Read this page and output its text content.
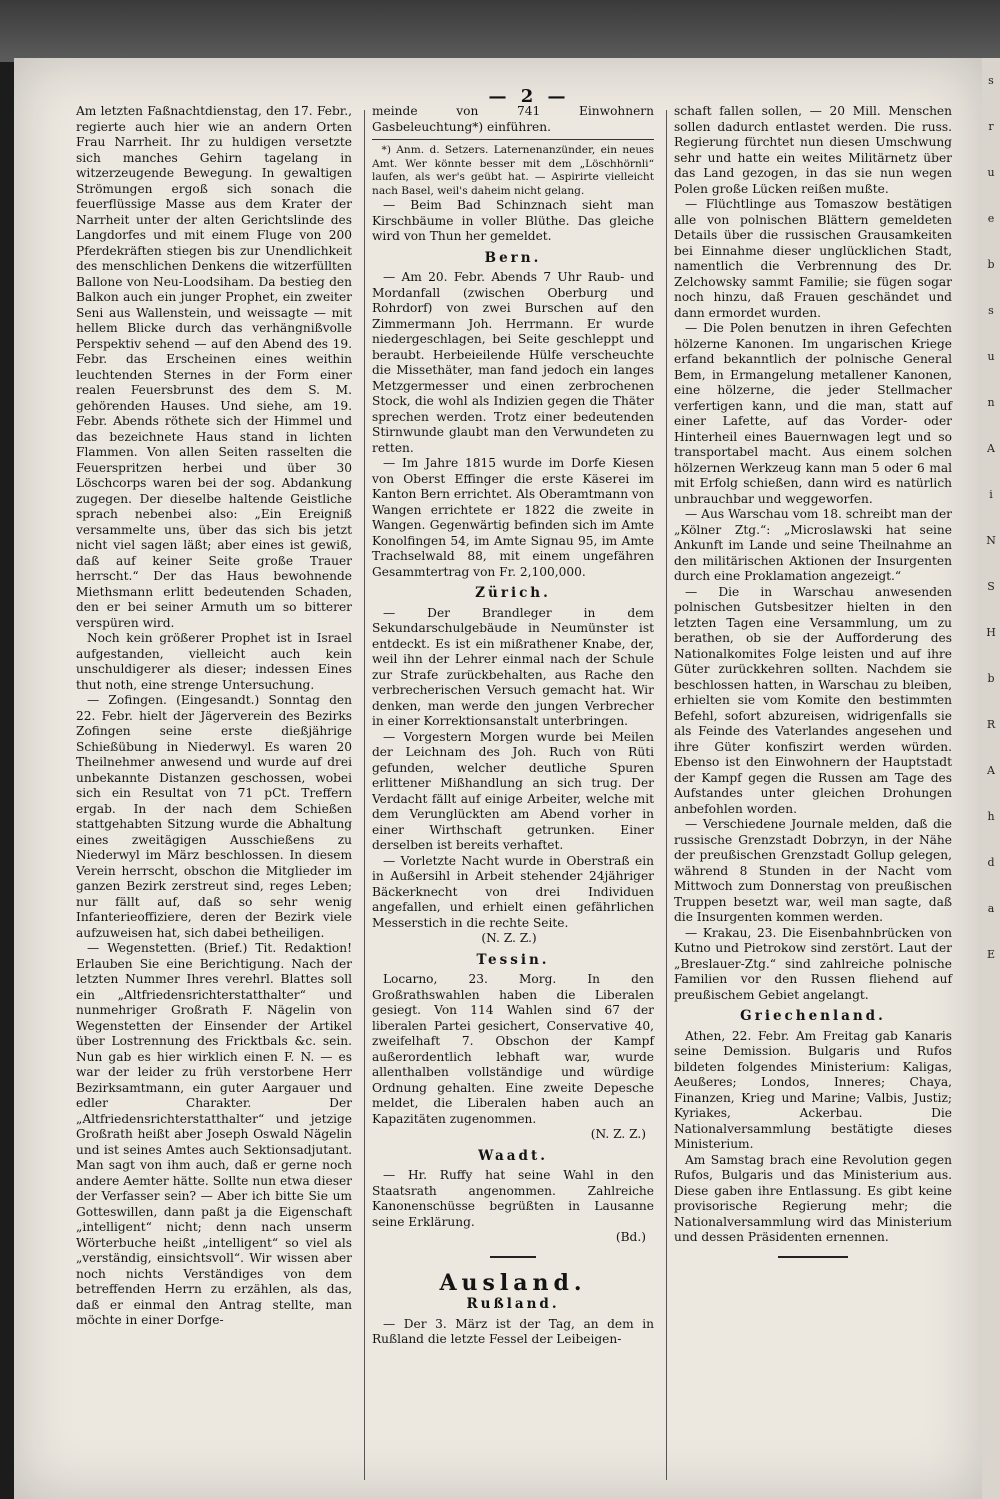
— 2 —

Am letzten Faßnachtdienstag, den 17. Febr., regierte auch hier wie an andern Orten Frau Narrheit. Ihr zu huldigen versetzte sich manches Gehirn tagelang in witzerzeugende Bewegung. In gewaltigen Strömungen ergoß sich sonach die feuerflüssige Masse aus dem Krater der Narrheit unter der alten Gerichtslinde des Langdorfes und mit einem Fluge von 200 Pferdekräften stiegen bis zur Unendlichkeit des menschlichen Denkens die witzerfüllten Ballone von Neu-Loodsiham. Da bestieg den Balkon auch ein junger Prophet, ein zweiter Seni aus Wallenstein, und weissagte — mit hellem Blicke durch das verhängnißvolle Perspektiv sehend — auf den Abend des 19. Febr. das Erscheinen eines weithin leuchtenden Sternes in der Form einer realen Feuersbrunst des dem S. M. gehörenden Hauses. Und siehe, am 19. Febr. Abends röthete sich der Himmel und das bezeichnete Haus stand in lichten Flammen. Von allen Seiten rasselten die Feuerspritzen herbei und über 30 Löschcorps waren bei der sog. Abdankung zugegen. Der dieselbe haltende Geistliche sprach nebenbei also: „Ein Ereigniß versammelte uns, über das sich bis jetzt nicht viel sagen läßt; aber eines ist gewiß, daß auf keiner Seite große Trauer herrscht.“ Der das Haus bewohnende Miethsmann erlitt bedeutenden Schaden, den er bei seiner Armuth um so bitterer verspüren wird.

Noch kein größerer Prophet ist in Israel aufgestanden, vielleicht auch kein unschuldigerer als dieser; indessen Eines thut noth, eine strenge Untersuchung.

— Zofingen. (Eingesandt.) Sonntag den 22. Febr. hielt der Jägerverein des Bezirks Zofingen seine erste dießjährige Schießübung in Niederwyl. Es waren 20 Theilnehmer anwesend und wurde auf drei unbekannte Distanzen geschossen, wobei sich ein Resultat von 71 pCt. Treffern ergab. In der nach dem Schießen stattgehabten Sitzung wurde die Abhaltung eines zweitägigen Ausschießens zu Niederwyl im März beschlossen. In diesem Verein herrscht, obschon die Mitglieder im ganzen Bezirk zerstreut sind, reges Leben; nur fällt auf, daß so sehr wenig Infanterieoffiziere, deren der Bezirk viele aufzuweisen hat, sich dabei betheiligen.

— Wegenstetten. (Brief.) Tit. Redaktion! Erlauben Sie eine Berichtigung. Nach der letzten Nummer Ihres verehrl. Blattes soll ein „Altfriedensrichterstatthalter“ und nunmehriger Großrath F. Nägelin von Wegenstetten der Einsender der Artikel über Lostrennung des Fricktbals &c. sein. Nun gab es hier wirklich einen F. N. — es war der leider zu früh verstorbene Herr Bezirksamtmann, ein guter Aargauer und edler Charakter. Der „Altfriedensrichterstatthalter“ und jetzige Großrath heißt aber Joseph Oswald Nägelin und ist seines Amtes auch Sektionsadjutant. Man sagt von ihm auch, daß er gerne noch andere Aemter hätte. Sollte nun etwa dieser der Verfasser sein? — Aber ich bitte Sie um Gotteswillen, dann paßt ja die Eigenschaft „intelligent“ nicht; denn nach unserm Wörterbuche heißt „intelligent“ so viel als „verständig, einsichtsvoll“. Wir wissen aber noch nichts Verständiges von dem betreffenden Herrn zu erzählen, als das, daß er einmal den Antrag stellte, man möchte in einer Dorfge-

meinde von 741 Einwohnern Gasbeleuchtung*) einführen.

*) Anm. d. Setzers. Laternenanzünder, ein neues Amt. Wer könnte besser mit dem „Löschhörnli“ laufen, als wer's geübt hat. — Aspirirte vielleicht nach Basel, weil's daheim nicht gelang.

— Beim Bad Schinznach sieht man Kirschbäume in voller Blüthe. Das gleiche wird von Thun her gemeldet.

Bern.

— Am 20. Febr. Abends 7 Uhr Raub- und Mordanfall (zwischen Oberburg und Rohrdorf) von zwei Burschen auf den Zimmermann Joh. Herrmann. Er wurde niedergeschlagen, bei Seite geschleppt und beraubt. Herbeieilende Hülfe verscheuchte die Missethäter, man fand jedoch ein langes Metzgermesser und einen zerbrochenen Stock, die wohl als Indizien gegen die Thäter sprechen werden. Trotz einer bedeutenden Stirnwunde glaubt man den Verwundeten zu retten.

— Im Jahre 1815 wurde im Dorfe Kiesen von Oberst Effinger die erste Käserei im Kanton Bern errichtet. Als Oberamtmann von Wangen errichtete er 1822 die zweite in Wangen. Gegenwärtig befinden sich im Amte Konolfingen 54, im Amte Signau 95, im Amte Trachselwald 88, mit einem ungefähren Gesammtertrag von Fr. 2,100,000.

Zürich.

— Der Brandleger in dem Sekundarschulgebäude in Neumünster ist entdeckt. Es ist ein mißrathener Knabe, der, weil ihn der Lehrer einmal nach der Schule zur Strafe zurückbehalten, aus Rache den verbrecherischen Versuch gemacht hat. Wir denken, man werde den jungen Verbrecher in einer Korrektionsanstalt unterbringen.

— Vorgestern Morgen wurde bei Meilen der Leichnam des Joh. Ruch von Rüti gefunden, welcher deutliche Spuren erlittener Mißhandlung an sich trug. Der Verdacht fällt auf einige Arbeiter, welche mit dem Verunglückten am Abend vorher in einer Wirthschaft getrunken. Einer derselben ist bereits verhaftet.

— Vorletzte Nacht wurde in Oberstraß ein in Außersihl in Arbeit stehender 24jähriger Bäckerknecht von drei Individuen angefallen, und erhielt einen gefährlichen Messerstich in die rechte Seite.

(N. Z. Z.)
Tessin.

Locarno, 23. Morg. In den Großrathswahlen haben die Liberalen gesiegt. Von 114 Wahlen sind 67 der liberalen Partei gesichert, Conservative 40, zweifelhaft 7. Obschon der Kampf außerordentlich lebhaft war, wurde allenthalben vollständige und würdige Ordnung gehalten. Eine zweite Depesche meldet, die Liberalen haben auch an Kapazitäten zugenommen.

(N. Z. Z.)
Waadt.

— Hr. Ruffy hat seine Wahl in den Staatsrath angenommen. Zahlreiche Kanonenschüsse begrüßten in Lausanne seine Erklärung.

(Bd.)
Ausland.
Rußland.

— Der 3. März ist der Tag, an dem in Rußland die letzte Fessel der Leibeigen-

schaft fallen sollen, — 20 Mill. Menschen sollen dadurch entlastet werden. Die russ. Regierung fürchtet nun diesen Umschwung sehr und hatte ein weites Militärnetz über das Land gezogen, in das sie nun wegen Polen große Lücken reißen mußte.

— Flüchtlinge aus Tomaszow bestätigen alle von polnischen Blättern gemeldeten Details über die russischen Grausamkeiten bei Einnahme dieser unglücklichen Stadt, namentlich die Verbrennung des Dr. Zelchowsky sammt Familie; sie fügen sogar noch hinzu, daß Frauen geschändet und dann ermordet wurden.

— Die Polen benutzen in ihren Gefechten hölzerne Kanonen. Im ungarischen Kriege erfand bekanntlich der polnische General Bem, in Ermangelung metallener Kanonen, eine hölzerne, die jeder Stellmacher verfertigen kann, und die man, statt auf einer Lafette, auf das Vorder- oder Hinterheil eines Bauernwagen legt und so transportabel macht. Aus einem solchen hölzernen Werkzeug kann man 5 oder 6 mal mit Erfolg schießen, dann wird es natürlich unbrauchbar und weggeworfen.

— Aus Warschau vom 18. schreibt man der „Kölner Ztg.“: „Microslawski hat seine Ankunft im Lande und seine Theilnahme an den militärischen Aktionen der Insurgenten durch eine Proklamation angezeigt.“

— Die in Warschau anwesenden polnischen Gutsbesitzer hielten in den letzten Tagen eine Versammlung, um zu berathen, ob sie der Aufforderung des Nationalkomites Folge leisten und auf ihre Güter zurückkehren sollten. Nachdem sie beschlossen hatten, in Warschau zu bleiben, erhielten sie vom Komite den bestimmten Befehl, sofort abzureisen, widrigenfalls sie als Feinde des Vaterlandes angesehen und ihre Güter konfiszirt werden würden. Ebenso ist den Einwohnern der Hauptstadt der Kampf gegen die Russen am Tage des Aufstandes unter gleichen Drohungen anbefohlen worden.

— Verschiedene Journale melden, daß die russische Grenzstadt Dobrzyn, in der Nähe der preußischen Grenzstadt Gollup gelegen, während 8 Stunden in der Nacht vom Mittwoch zum Donnerstag von preußischen Truppen besetzt war, weil man sagte, daß die Insurgenten kommen werden.

— Krakau, 23. Die Eisenbahnbrücken von Kutno und Pietrokow sind zerstört. Laut der „Breslauer-Ztg.“ sind zahlreiche polnische Familien vor den Russen fliehend auf preußischem Gebiet angelangt.

Griechenland.

Athen, 22. Febr. Am Freitag gab Kanaris seine Demission. Bulgaris und Rufos bildeten folgendes Ministerium: Kaligas, Aeußeres; Londos, Inneres; Chaya, Finanzen, Krieg und Marine; Valbis, Justiz; Kyriakes, Ackerbau. Die Nationalversammlung bestätigte dieses Ministerium.

Am Samstag brach eine Revolution gegen Rufos, Bulgaris und das Ministerium aus. Diese gaben ihre Entlassung. Es gibt keine provisorische Regierung mehr; die Nationalversammlung wird das Ministerium und dessen Präsidenten ernennen.

s
r
u
e
b
s
u
n
A
i
N
S
H
b
R
A
h
d
a
E
